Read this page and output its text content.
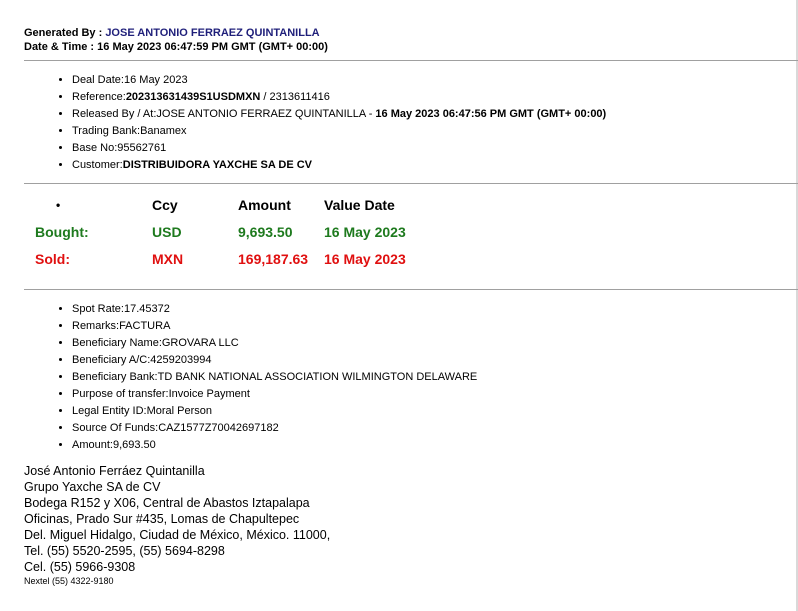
Generated By : JOSE ANTONIO FERRAEZ QUINTANILLA
Date & Time : 16 May 2023 06:47:59 PM GMT (GMT+ 00:00)
• Deal Date:16 May 2023
• Reference:202313631439S1USDMXN / 2313611416
• Released By / At:JOSE ANTONIO FERRAEZ QUINTANILLA - 16 May 2023 06:47:56 PM GMT (GMT+ 00:00)
• Trading Bank:Banamex
• Base No:95562761
• Customer:DISTRIBUIDORA YAXCHE SA DE CV
•	Ccy	Amount	Value Date
Bought:	USD	9,693.50	16 May 2023
Sold:	MXN	169,187.63	16 May 2023
• Spot Rate:17.45372
• Remarks:FACTURA
• Beneficiary Name:GROVARA LLC
• Beneficiary A/C:4259203994
• Beneficiary Bank:TD BANK NATIONAL ASSOCIATION WILMINGTON DELAWARE
• Purpose of transfer:Invoice Payment
• Legal Entity ID:Moral Person
• Source Of Funds:CAZ1577Z70042697182
• Amount:9,693.50
José Antonio Ferráez Quintanilla
Grupo Yaxche SA de CV
Bodega R152 y X06, Central de Abastos Iztapalapa
Oficinas, Prado Sur #435, Lomas de Chapultepec
Del. Miguel Hidalgo, Ciudad de México, México. 11000,
Tel. (55) 5520-2595, (55) 5694-8298
Cel. (55) 5966-9308
Nextel (55) 4322-9180
